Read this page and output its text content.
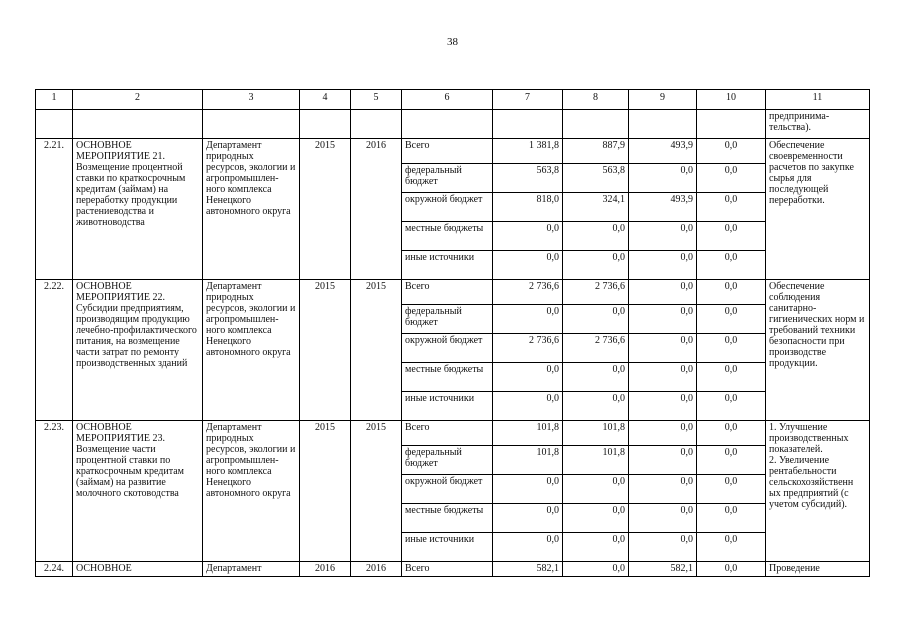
38
1	2	3	4	5	6	7	8	9	10	11
										предпринима-
тельства).
2.21.	ОСНОВНОЕ МЕРОПРИЯТИЕ 21. Возмещение процентной ставки по краткосрочным кредитам (займам) на переработку продукции растениеводства и животноводства	Департамент природных ресурсов, экологии и агропромышлен-ного комплекса Ненецкого автономного округа	2015	2016	Всего	1 381,8	887,9	493,9	0,0	Обеспечение своевременности расчетов по закупке сырья для последующей переработки.
					федеральный бюджет	563,8	563,8	0,0	0,0	
					окружной бюджет	818,0	324,1	493,9	0,0	
					местные бюджеты	0,0	0,0	0,0	0,0	
					иные источники	0,0	0,0	0,0	0,0	
2.22.	ОСНОВНОЕ МЕРОПРИЯТИЕ 22. Субсидии предприятиям, производящим продукцию лечебно-профилактического питания, на возмещение части затрат по ремонту производственных зданий	Департамент природных ресурсов, экологии и агропромышлен-ного комплекса Ненецкого автономного округа	2015	2015	Всего	2 736,6	2 736,6	0,0	0,0	Обеспечение соблюдения санитарно-гигиенических норм и требований техники безопасности при производстве продукции.
					федеральный бюджет	0,0	0,0	0,0	0,0	
					окружной бюджет	2 736,6	2 736,6	0,0	0,0	
					местные бюджеты	0,0	0,0	0,0	0,0	
					иные источники	0,0	0,0	0,0	0,0	
2.23.	ОСНОВНОЕ МЕРОПРИЯТИЕ 23. Возмещение части процентной ставки по краткосрочным кредитам (займам) на развитие молочного скотоводства	Департамент природных ресурсов, экологии и агропромышлен-ного комплекса Ненецкого автономного округа	2015	2015	Всего	101,8	101,8	0,0	0,0	1. Улучшение производственных показателей.
2. Увеличение рентабельности сельскохозяйственн ых предприятий (с учетом субсидий).
					федеральный бюджет	101,8	101,8	0,0	0,0	
					окружной бюджет	0,0	0,0	0,0	0,0	
					местные бюджеты	0,0	0,0	0,0	0,0	
					иные источники	0,0	0,0	0,0	0,0	
2.24.	ОСНОВНОЕ	Департамент	2016	2016	Всего	582,1	0,0	582,1	0,0	Проведение
